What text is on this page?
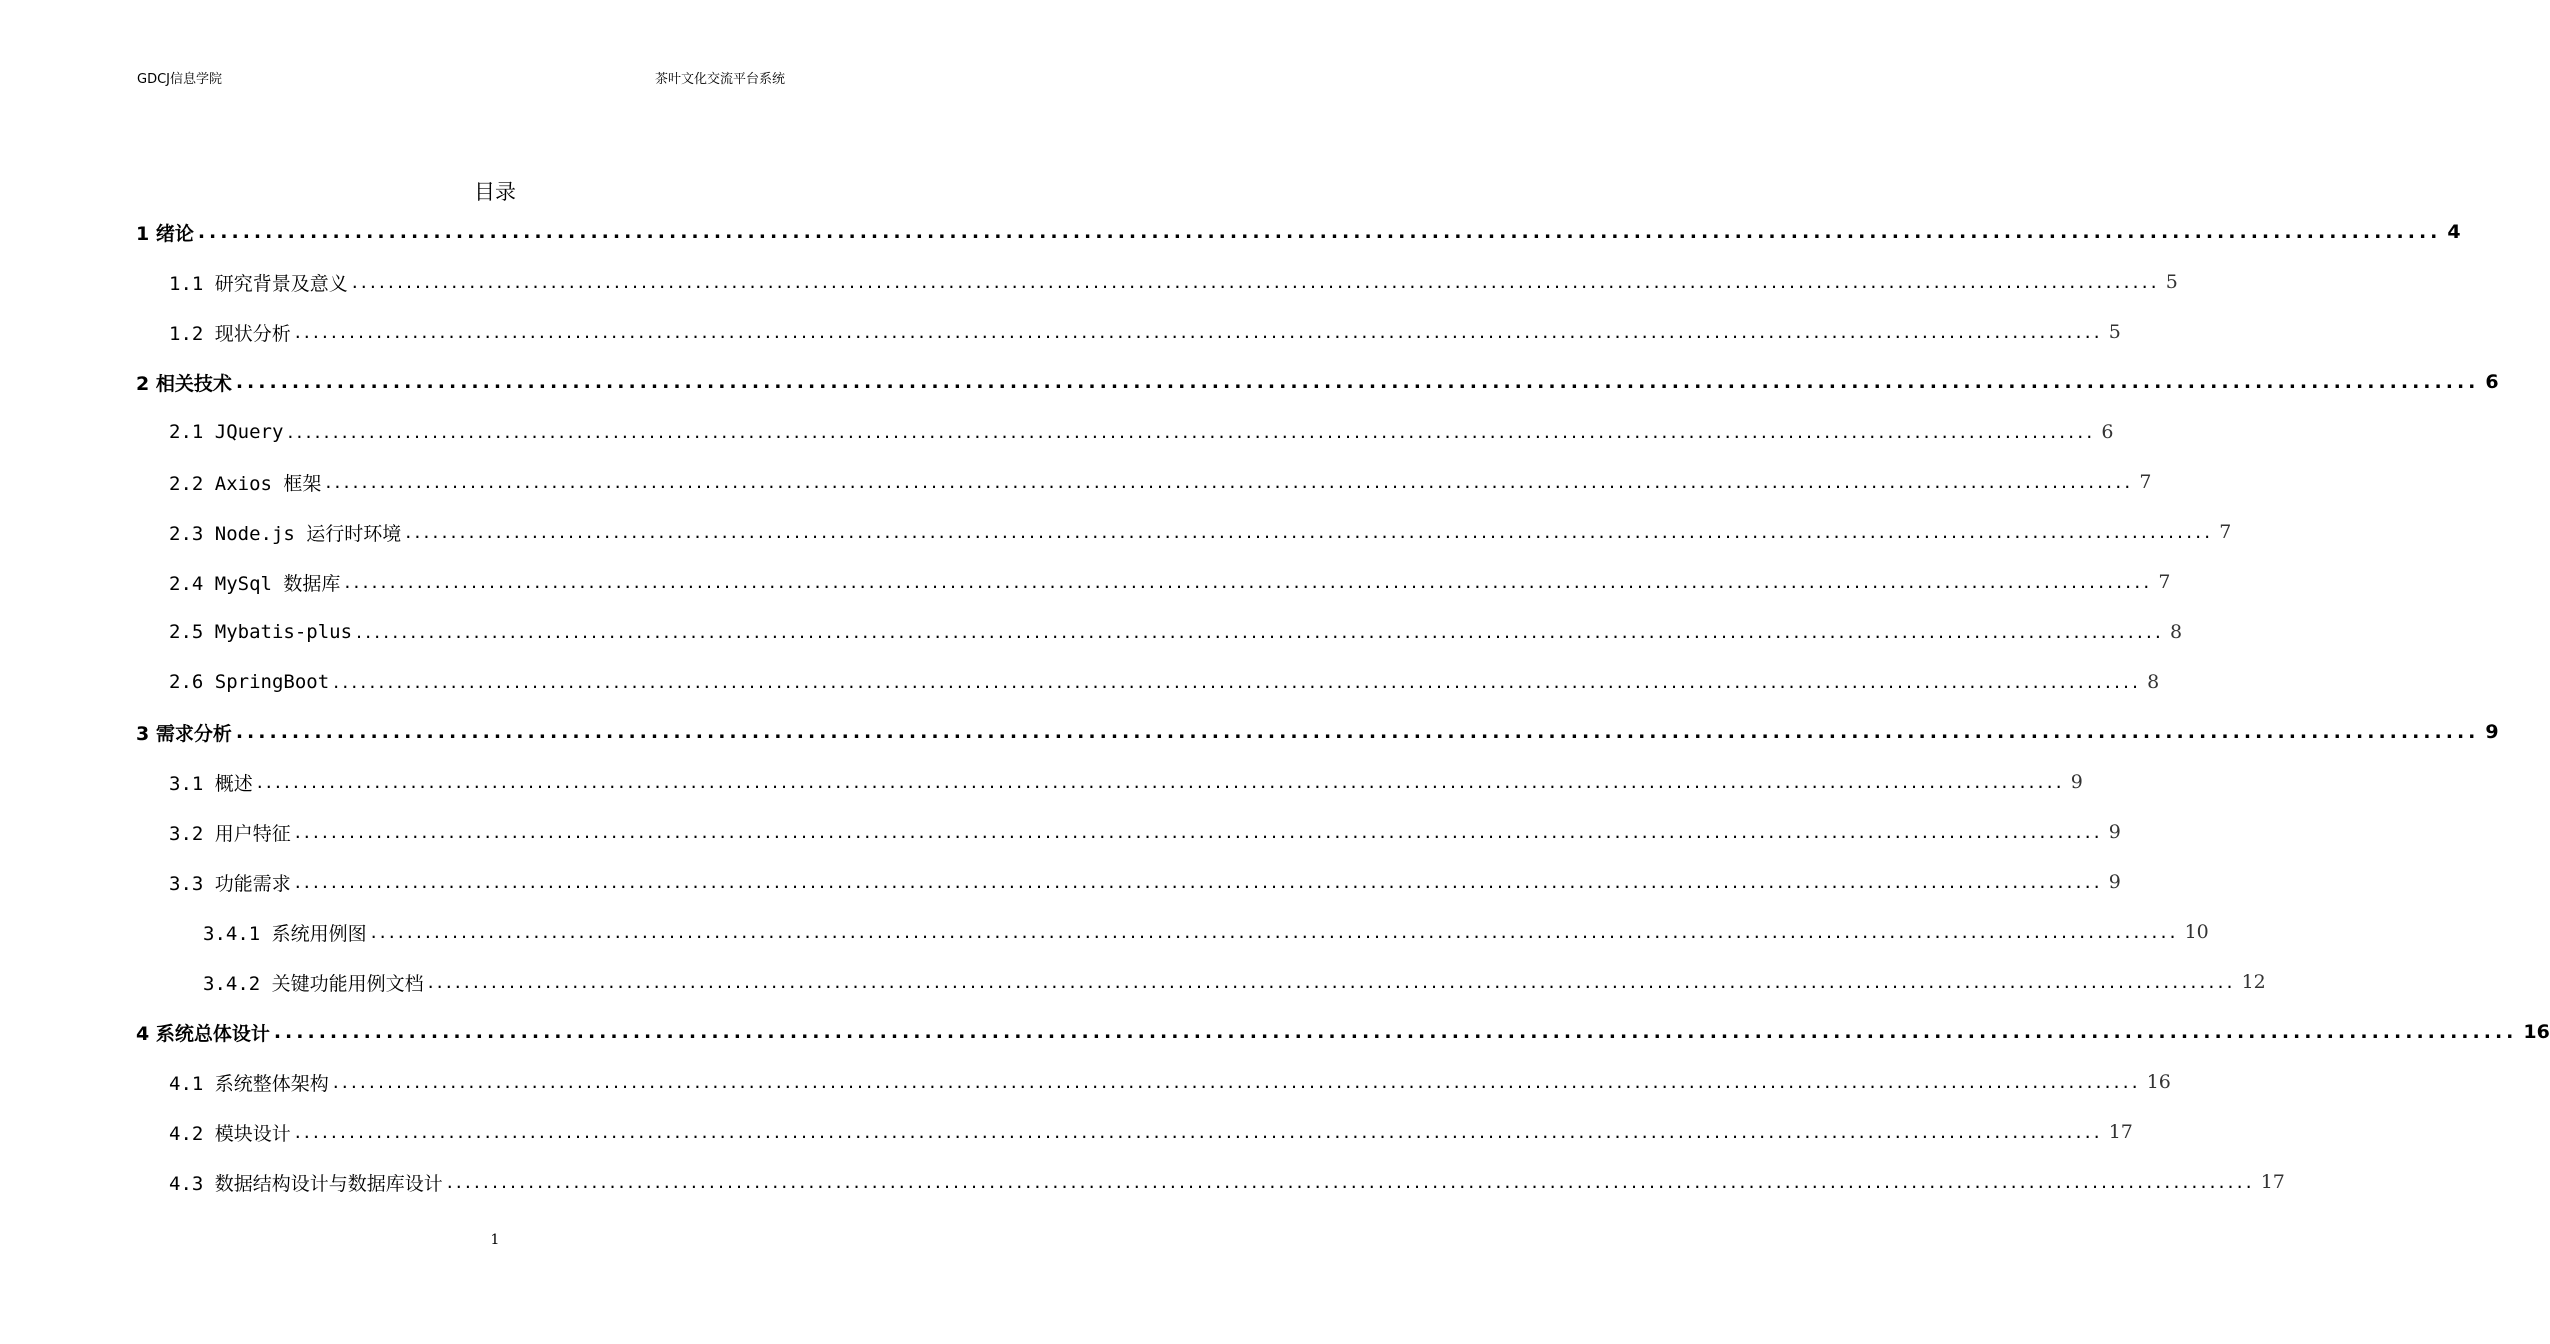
GDCJ信息学院	茶叶文化交流平台系统
目录
1 绪论 ........................................................................................................................................................................................................ 4
1.1 研究背景及意义 ........................................................................................................................................................................................................ 5
1.2 现状分析 ........................................................................................................................................................................................................ 5
2 相关技术 ........................................................................................................................................................................................................ 6
2.1 JQuery ........................................................................................................................................................................................................ 6
2.2 Axios 框架 ........................................................................................................................................................................................................ 7
2.3 Node.js 运行时环境 ........................................................................................................................................................................................................ 7
2.4 MySql 数据库 ........................................................................................................................................................................................................ 7
2.5 Mybatis-plus ........................................................................................................................................................................................................ 8
2.6 SpringBoot ........................................................................................................................................................................................................ 8
3 需求分析 ........................................................................................................................................................................................................ 9
3.1 概述 ........................................................................................................................................................................................................ 9
3.2 用户特征 ........................................................................................................................................................................................................ 9
3.3 功能需求 ........................................................................................................................................................................................................ 9
3.4.1 系统用例图 ........................................................................................................................................................................................................ 10
3.4.2 关键功能用例文档 ........................................................................................................................................................................................................ 12
4 系统总体设计 ........................................................................................................................................................................................................ 16
4.1 系统整体架构 ........................................................................................................................................................................................................ 16
4.2 模块设计 ........................................................................................................................................................................................................ 17
4.3 数据结构设计与数据库设计 ........................................................................................................................................................................................................ 17
1
